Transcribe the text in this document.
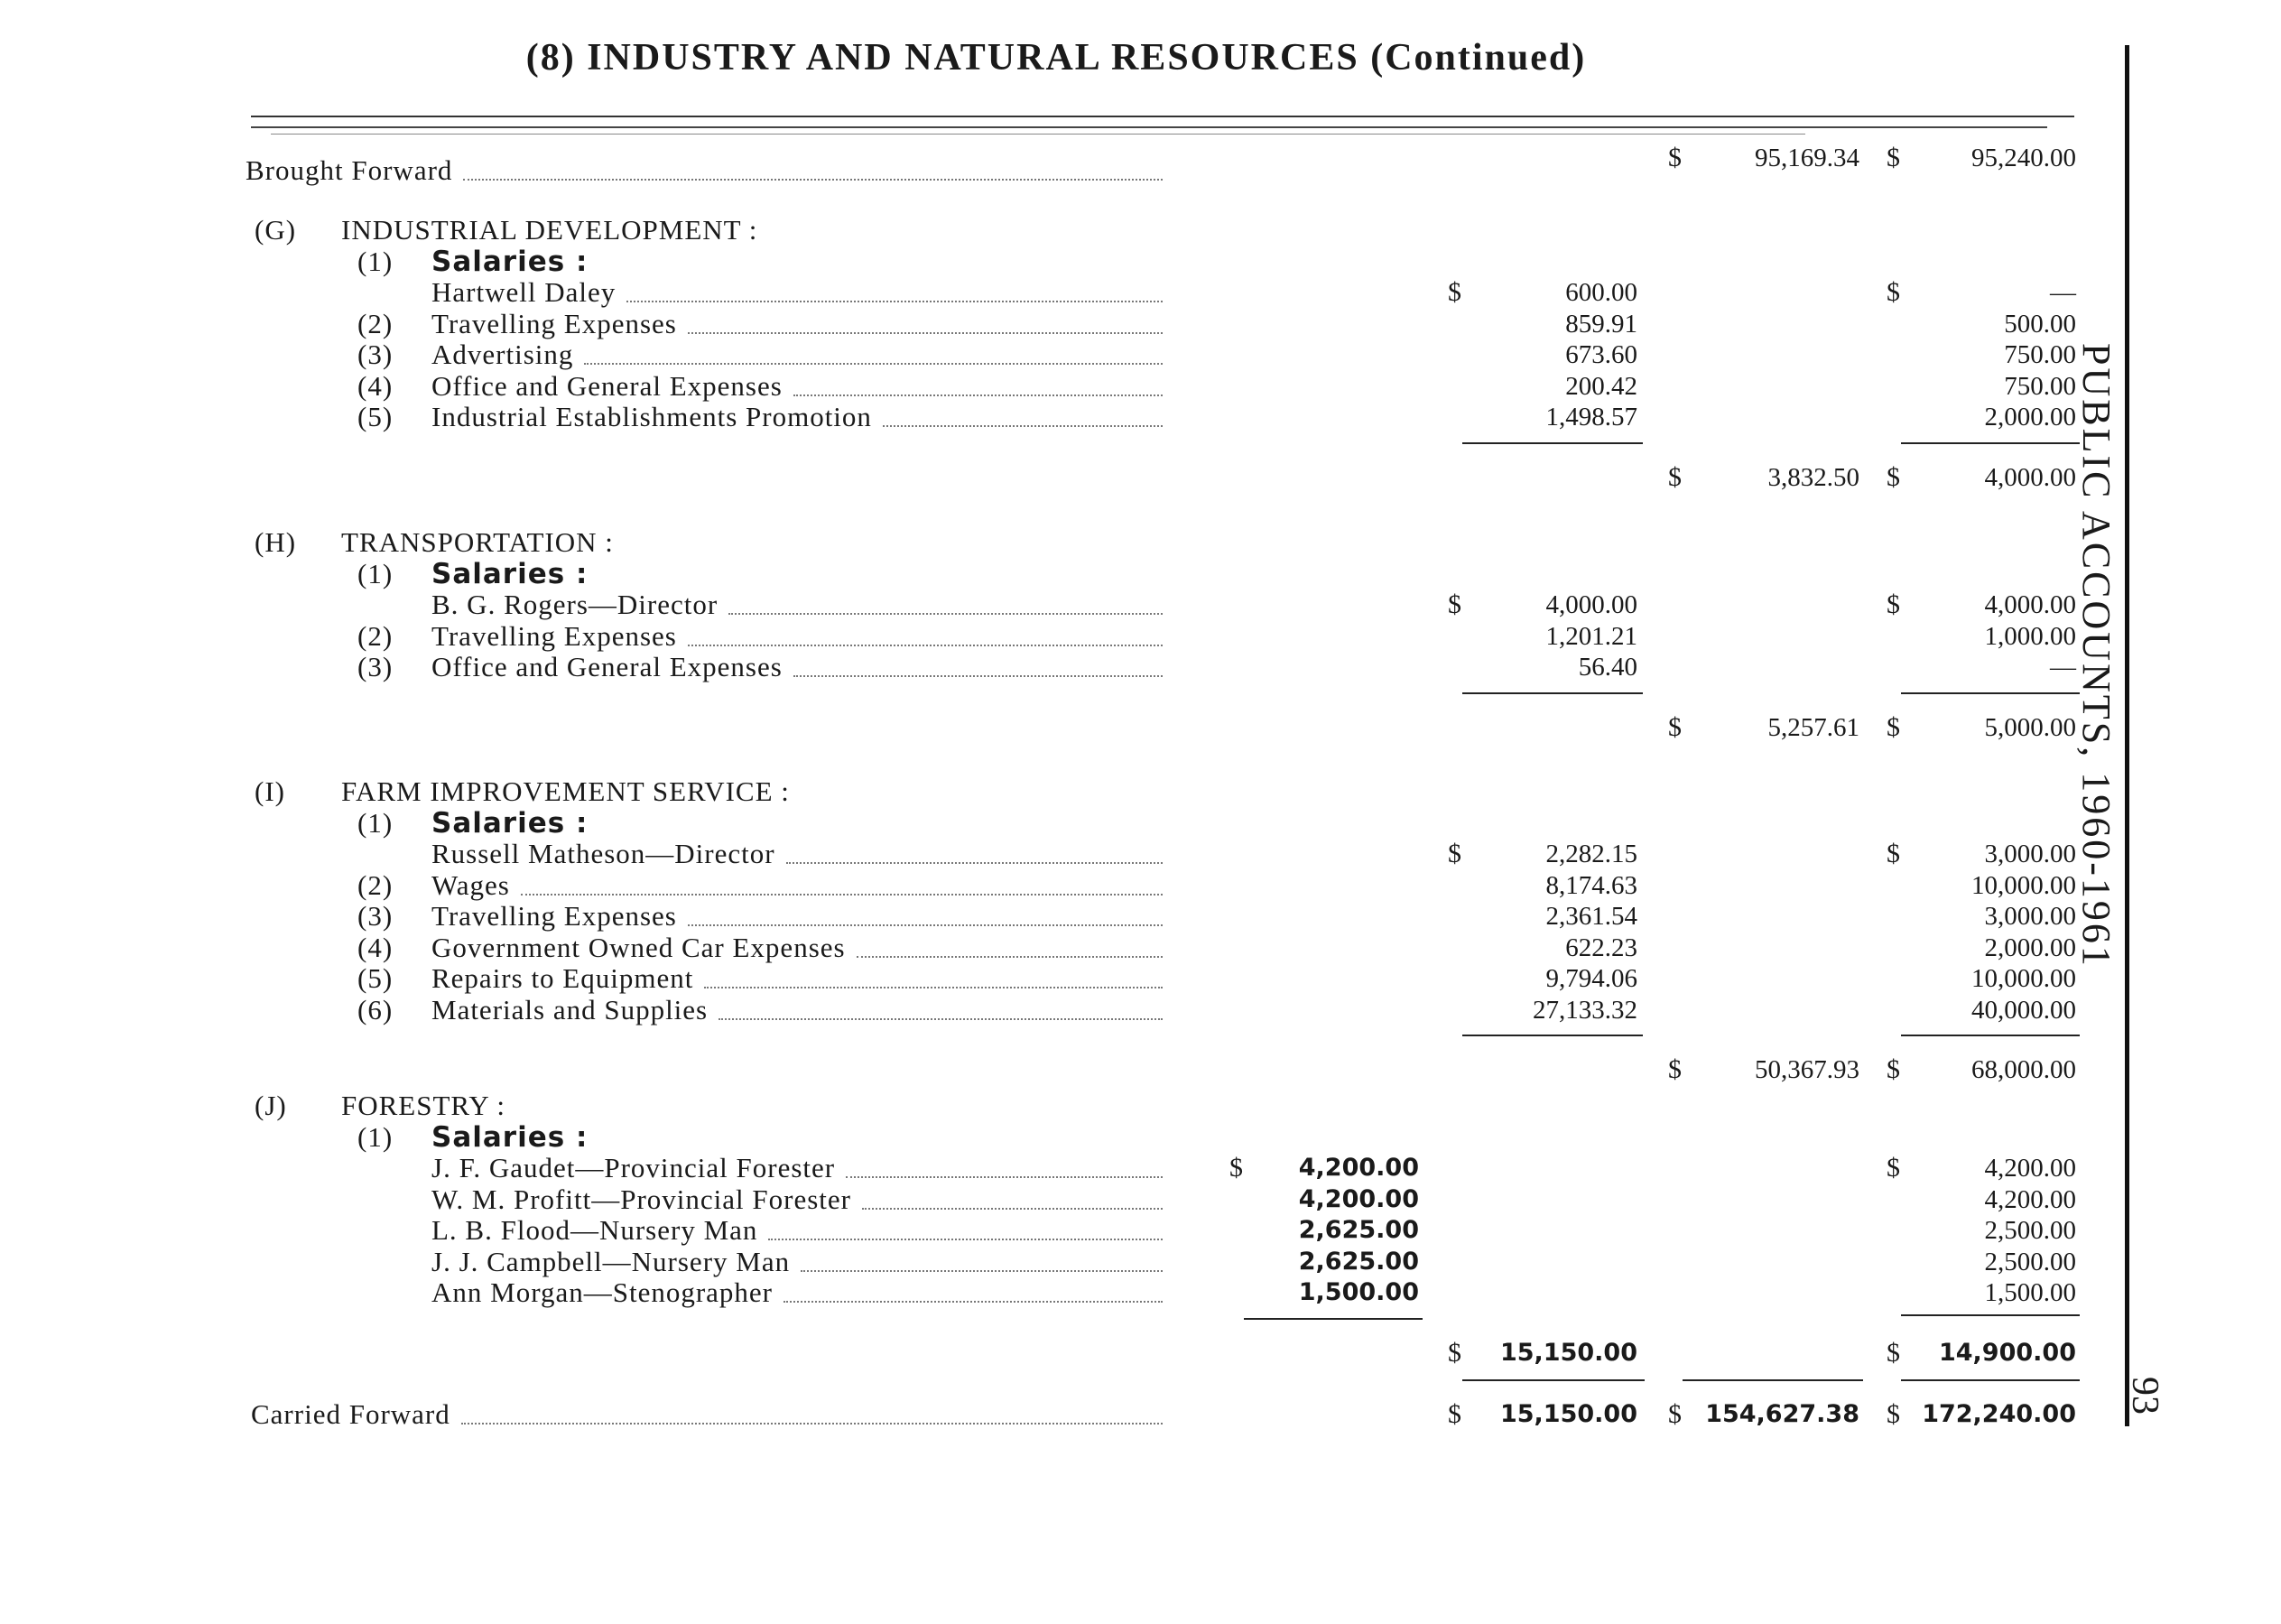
(8) INDUSTRY AND NATURAL RESOURCES (Continued)
PUBLIC ACCOUNTS, 1960-1961
93
Brought Forward	$	95,169.34 $	95,240.00
(G) INDUSTRIAL DEVELOPMENT :
(1) Salaries :
Hartwell Daley	$	600.00	$	—
(2) Travelling Expenses	859.91	500.00
(3) Advertising	673.60	750.00
(4) Office and General Expenses	200.42	750.00
(5) Industrial Establishments Promotion	1,498.57	2,000.00
$	3,832.50 $	4,000.00
(H) TRANSPORTATION :
(1) Salaries :
B. G. Rogers—Director	$	4,000.00	$	4,000.00
(2) Travelling Expenses	1,201.21	1,000.00
(3) Office and General Expenses	56.40	—
$	5,257.61 $	5,000.00
(I) FARM IMPROVEMENT SERVICE :
(1) Salaries :
Russell Matheson—Director	$	2,282.15	$	3,000.00
(2) Wages	8,174.63	10,000.00
(3) Travelling Expenses	2,361.54	3,000.00
(4) Government Owned Car Expenses	622.23	2,000.00
(5) Repairs to Equipment	9,794.06	10,000.00
(6) Materials and Supplies	27,133.32	40,000.00
$	50,367.93 $	68,000.00
(J) FORESTRY :
(1) Salaries :
J. F. Gaudet—Provincial Forester	$ 4,200.00	$	4,200.00
W. M. Profitt—Provincial Forester	4,200.00	4,200.00
L. B. Flood—Nursery Man	2,625.00	2,500.00
J. J. Campbell—Nursery Man	2,625.00	2,500.00
Ann Morgan—Stenographer	1,500.00	1,500.00
$ 15,150.00	$ 14,900.00
Carried Forward	$ 15,150.00 $ 154,627.38 $ 172,240.00
